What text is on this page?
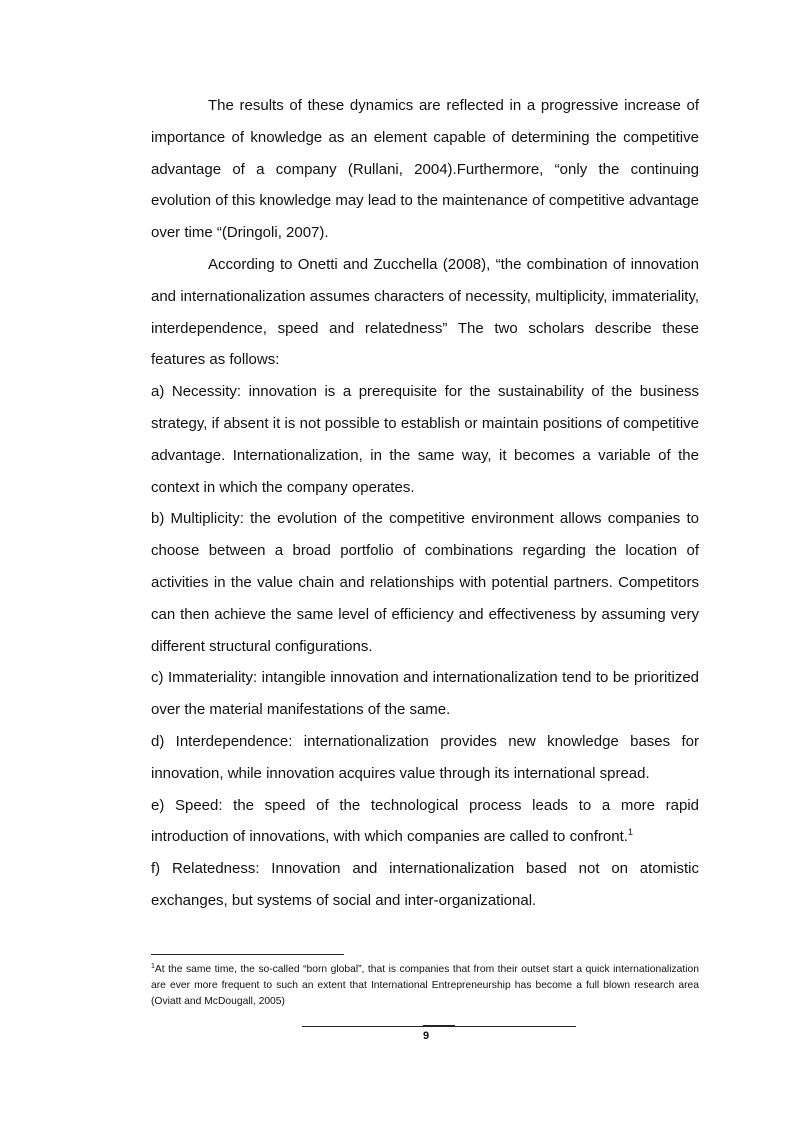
The results of these dynamics are reflected in a progressive increase of importance of knowledge as an element capable of determining the competitive advantage of a company (Rullani, 2004).Furthermore, “only the continuing evolution of this knowledge may lead to the maintenance of competitive advantage over time “(Dringoli, 2007).

According to Onetti and Zucchella (2008), “the combination of innovation and internationalization assumes characters of necessity, multiplicity, immateriality, interdependence, speed and relatedness” The two scholars describe these features as follows:

a) Necessity: innovation is a prerequisite for the sustainability of the business strategy, if absent it is not possible to establish or maintain positions of competitive advantage. Internationalization, in the same way, it becomes a variable of the context in which the company operates.

b) Multiplicity: the evolution of the competitive environment allows companies to choose between a broad portfolio of combinations regarding the location of activities in the value chain and relationships with potential partners. Competitors can then achieve the same level of efficiency and effectiveness by assuming very different structural configurations.

c) Immateriality: intangible innovation and internationalization tend to be prioritized over the material manifestations of the same.

d) Interdependence: internationalization provides new knowledge bases for innovation, while innovation acquires value through its international spread.

e) Speed: the speed of the technological process leads to a more rapid introduction of innovations, with which companies are called to confront.$^1$

f) Relatedness: Innovation and internationalization based not on atomistic exchanges, but systems of social and inter-organizational.

$^1$At the same time, the so-called “born global”, that is companies that from their outset start a quick internationalization are ever more frequent to such an extent that International Entrepreneurship has become a full blown research area (Oviatt and McDougall, 2005)

9
